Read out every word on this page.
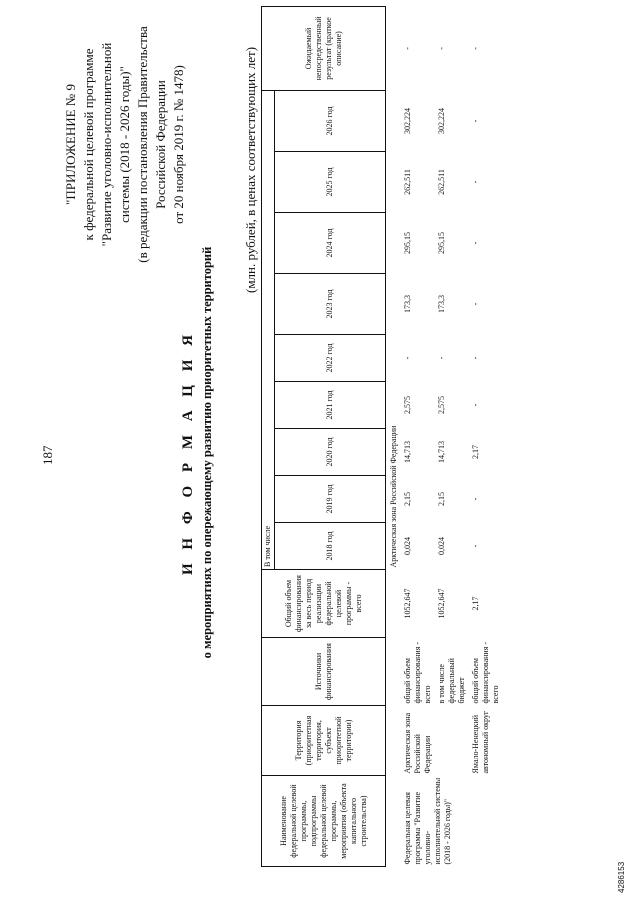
187
"ПРИЛОЖЕНИЕ № 9 к федеральной целевой программе "Развитие уголовно-исполнительной системы (2018 - 2026 годы)" (в редакции постановления Правительства Российской Федерации от 20 ноября 2019 г. № 1478)
И Н Ф О Р М А Ц И Я о мероприятиях по опережающему развитию приоритетных территорий
(млн. рублей, в ценах соответствующих лет)
Наименование федеральной целевой программы, подпрограммы федеральной целевой программы, мероприятия (объекта капитального строительства)	Территория (приоритетная территория, субъект приоритетной территории)	Источники финансирования	Общий объем финансирования за весь период реализации федеральной целевой программы - всего	В том числе									Ожидаемый непосредственный результат (краткое описание)
				2018 год	2019 год	2020 год	2021 год	2022 год	2023 год	2024 год	2025 год	2026 год	
				Арктическая зона Российской Федерации									
Федеральная целевая программа "Развитие уголовно-исполнительной системы (2018 - 2026 годы)"	Арктическая зона Российской Федерации	общий объем финансирования - всего	1052,647	0,024	2,15	14,713	2,575	-	173,3	295,15	262,511	302,224	-
		в том числе федеральный бюджет	1052,647	0,024	2,15	14,713	2,575	-	173,3	295,15	262,511	302,224	-
	Ямало-Ненецкий автономный округ	общий объем финансирования - всего	2,17	-	-	2,17	-	-	-	-	-	-	-
4286153
